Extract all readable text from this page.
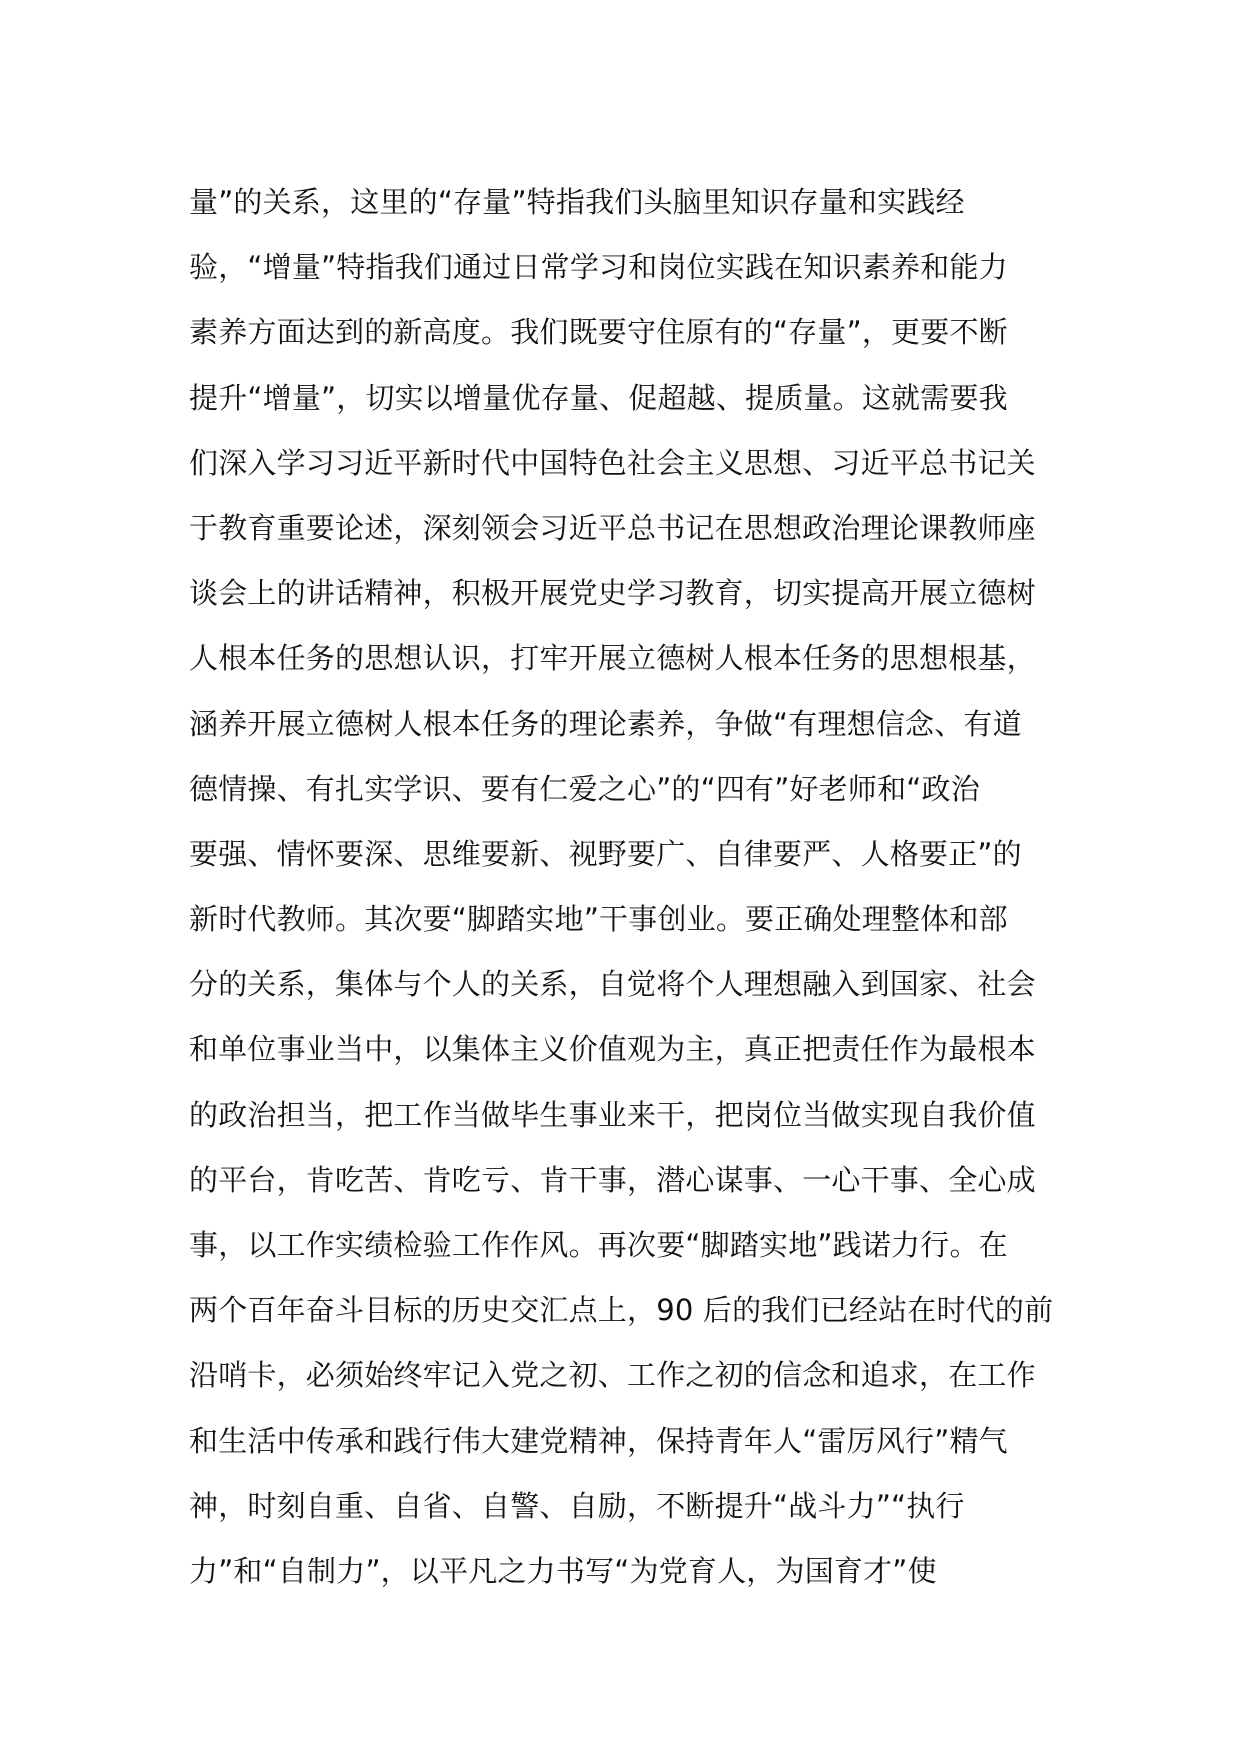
量”的关系，这里的“存量”特指我们头脑里知识存量和实践经
验，“增量”特指我们通过日常学习和岗位实践在知识素养和能力
素养方面达到的新高度。我们既要守住原有的“存量”，更要不断
提升“增量”，切实以增量优存量、促超越、提质量。这就需要我
们深入学习习近平新时代中国特色社会主义思想、习近平总书记关
于教育重要论述，深刻领会习近平总书记在思想政治理论课教师座
谈会上的讲话精神，积极开展党史学习教育，切实提高开展立德树
人根本任务的思想认识，打牢开展立德树人根本任务的思想根基，
涵养开展立德树人根本任务的理论素养，争做“有理想信念、有道
德情操、有扎实学识、要有仁爱之心”的“四有”好老师和“政治
要强、情怀要深、思维要新、视野要广、自律要严、人格要正”的
新时代教师。其次要“脚踏实地”干事创业。要正确处理整体和部
分的关系，集体与个人的关系，自觉将个人理想融入到国家、社会
和单位事业当中，以集体主义价值观为主，真正把责任作为最根本
的政治担当，把工作当做毕生事业来干，把岗位当做实现自我价值
的平台，肯吃苦、肯吃亏、肯干事，潜心谋事、一心干事、全心成
事，以工作实绩检验工作作风。再次要“脚踏实地”践诺力行。在
两个百年奋斗目标的历史交汇点上，90 后的我们已经站在时代的前
沿哨卡，必须始终牢记入党之初、工作之初的信念和追求，在工作
和生活中传承和践行伟大建党精神，保持青年人“雷厉风行”精气
神，时刻自重、自省、自警、自励，不断提升“战斗力”“执行
力”和“自制力”，以平凡之力书写“为党育人，为国育才”使
